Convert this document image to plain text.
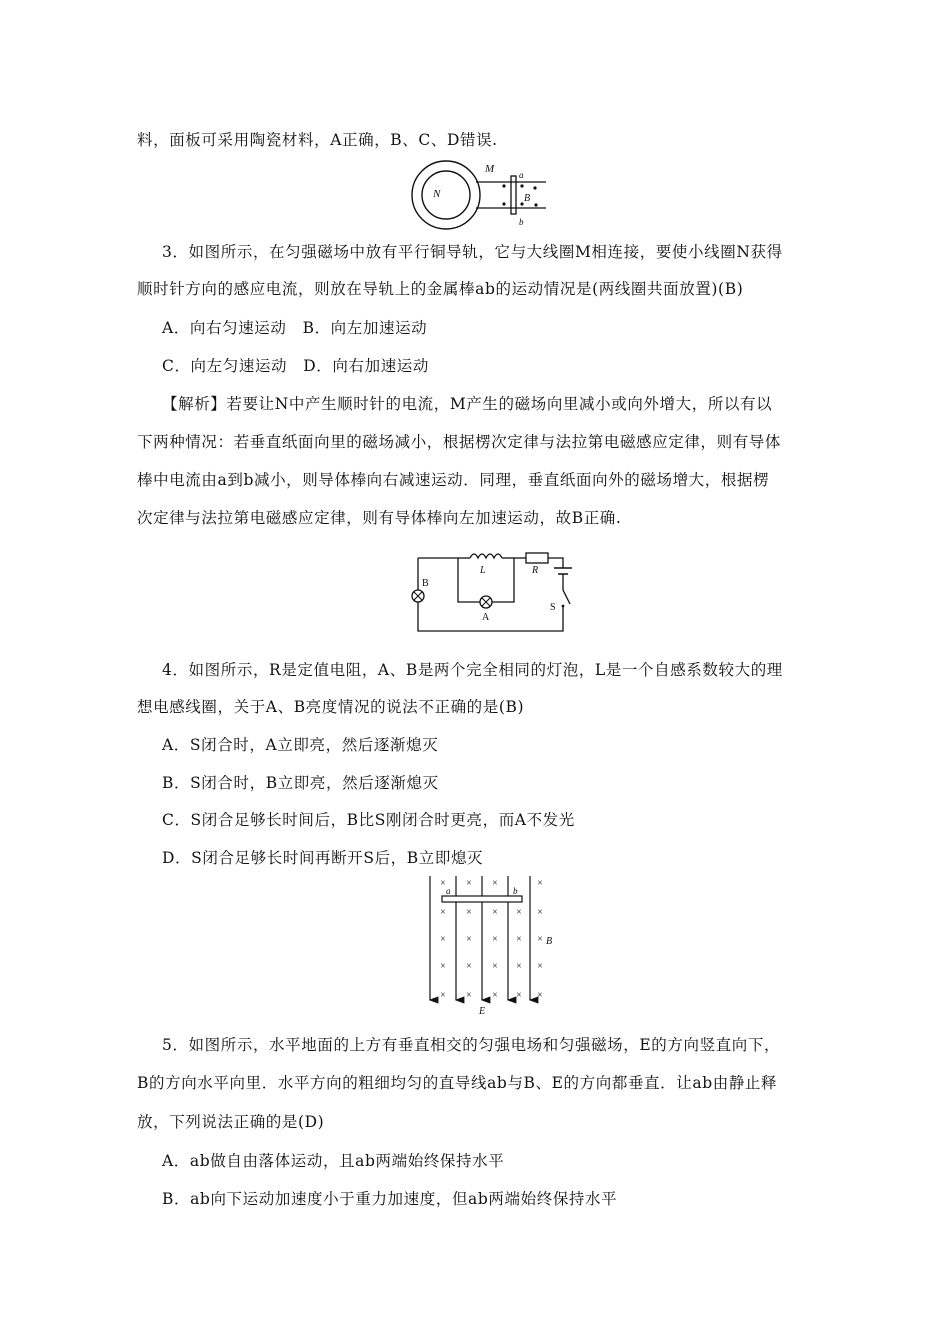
料，面板可采用陶瓷材料，A正确，B、C、D错误.
M
N
a
b
B
3．如图所示，在匀强磁场中放有平行铜导轨，它与大线圈M相连接，要使小线圈N获得
顺时针方向的感应电流，则放在导轨上的金属棒ab的运动情况是(两线圈共面放置)(B)
A．向右匀速运动　B．向左加速运动
C．向左匀速运动　D．向右加速运动
【解析】若要让N中产生顺时针的电流，M产生的磁场向里减小或向外增大，所以有以
下两种情况：若垂直纸面向里的磁场减小，根据楞次定律与法拉第电磁感应定律，则有导体
棒中电流由a到b减小，则导体棒向右减速运动．同理，垂直纸面向外的磁场增大，根据楞
次定律与法拉第电磁感应定律，则有导体棒向左加速运动，故B正确.
L	R
B
A
S
4．如图所示，R是定值电阻，A、B是两个完全相同的灯泡，L是一个自感系数较大的理
想电感线圈，关于A、B亮度情况的说法不正确的是(B)
A．S闭合时，A立即亮，然后逐渐熄灭
B．S闭合时，B立即亮，然后逐渐熄灭
C．S闭合足够长时间后，B比S刚闭合时更亮，而A不发光
D．S闭合足够长时间再断开S后，B立即熄灭
× × ×	×
× × × × ×
× × × × ×
× × × × ×
× × × × ×
a	b
B
E
5．如图所示，水平地面的上方有垂直相交的匀强电场和匀强磁场，E的方向竖直向下，
B的方向水平向里．水平方向的粗细均匀的直导线ab与B、E的方向都垂直．让ab由静止释
放，下列说法正确的是(D)
A．ab做自由落体运动，且ab两端始终保持水平
B．ab向下运动加速度小于重力加速度，但ab两端始终保持水平
